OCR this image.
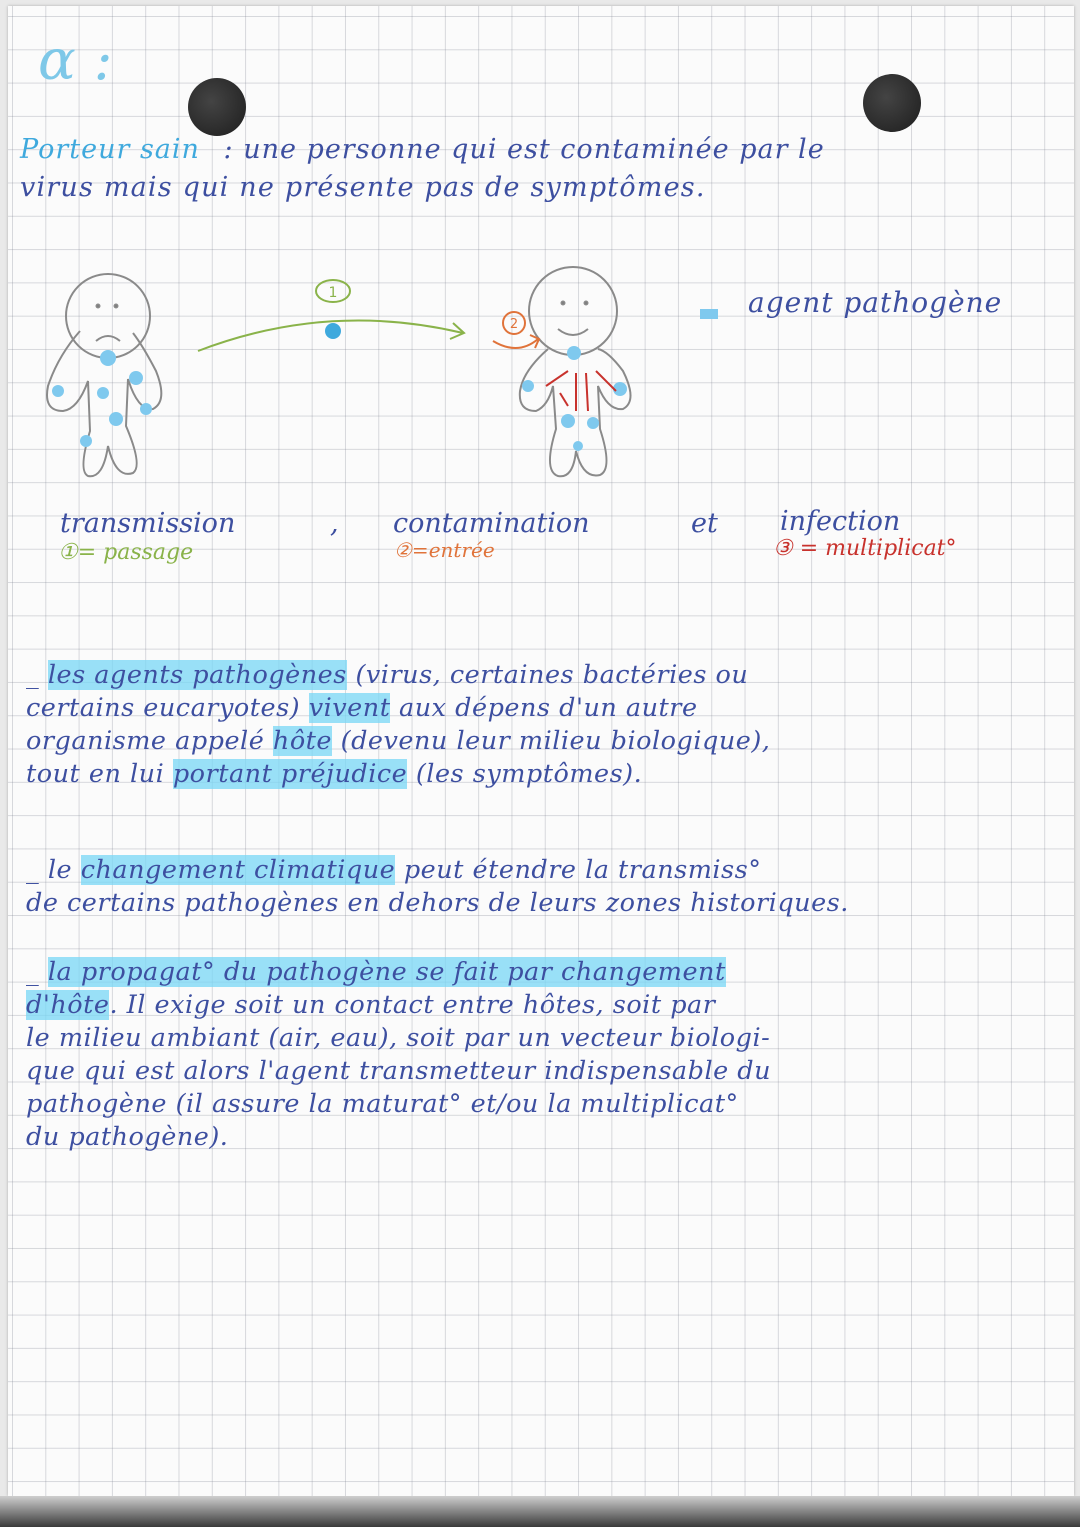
α :
Porteur sain : une personne qui est contaminée par le
virus mais qui ne présente pas de symptômes.
1
2
agent pathogène
transmission	, contamination	et infection
①= passage	②=entrée	③ = multiplicat°
_ les agents pathogènes (virus, certaines bactéries ou
certains eucaryotes) vivent aux dépens d'un autre
organisme appelé hôte (devenu leur milieu biologique),
tout en lui portant préjudice (les symptômes).
_ le changement climatique peut étendre la transmiss°
de certains pathogènes en dehors de leurs zones historiques.
_ la propagat° du pathogène se fait par changement
d'hôte. Il exige soit un contact entre hôtes, soit par
le milieu ambiant (air, eau), soit par un vecteur biologi-
que qui est alors l'agent transmetteur indispensable du
pathogène (il assure la maturat° et/ou la multiplicat°
du pathogène).
